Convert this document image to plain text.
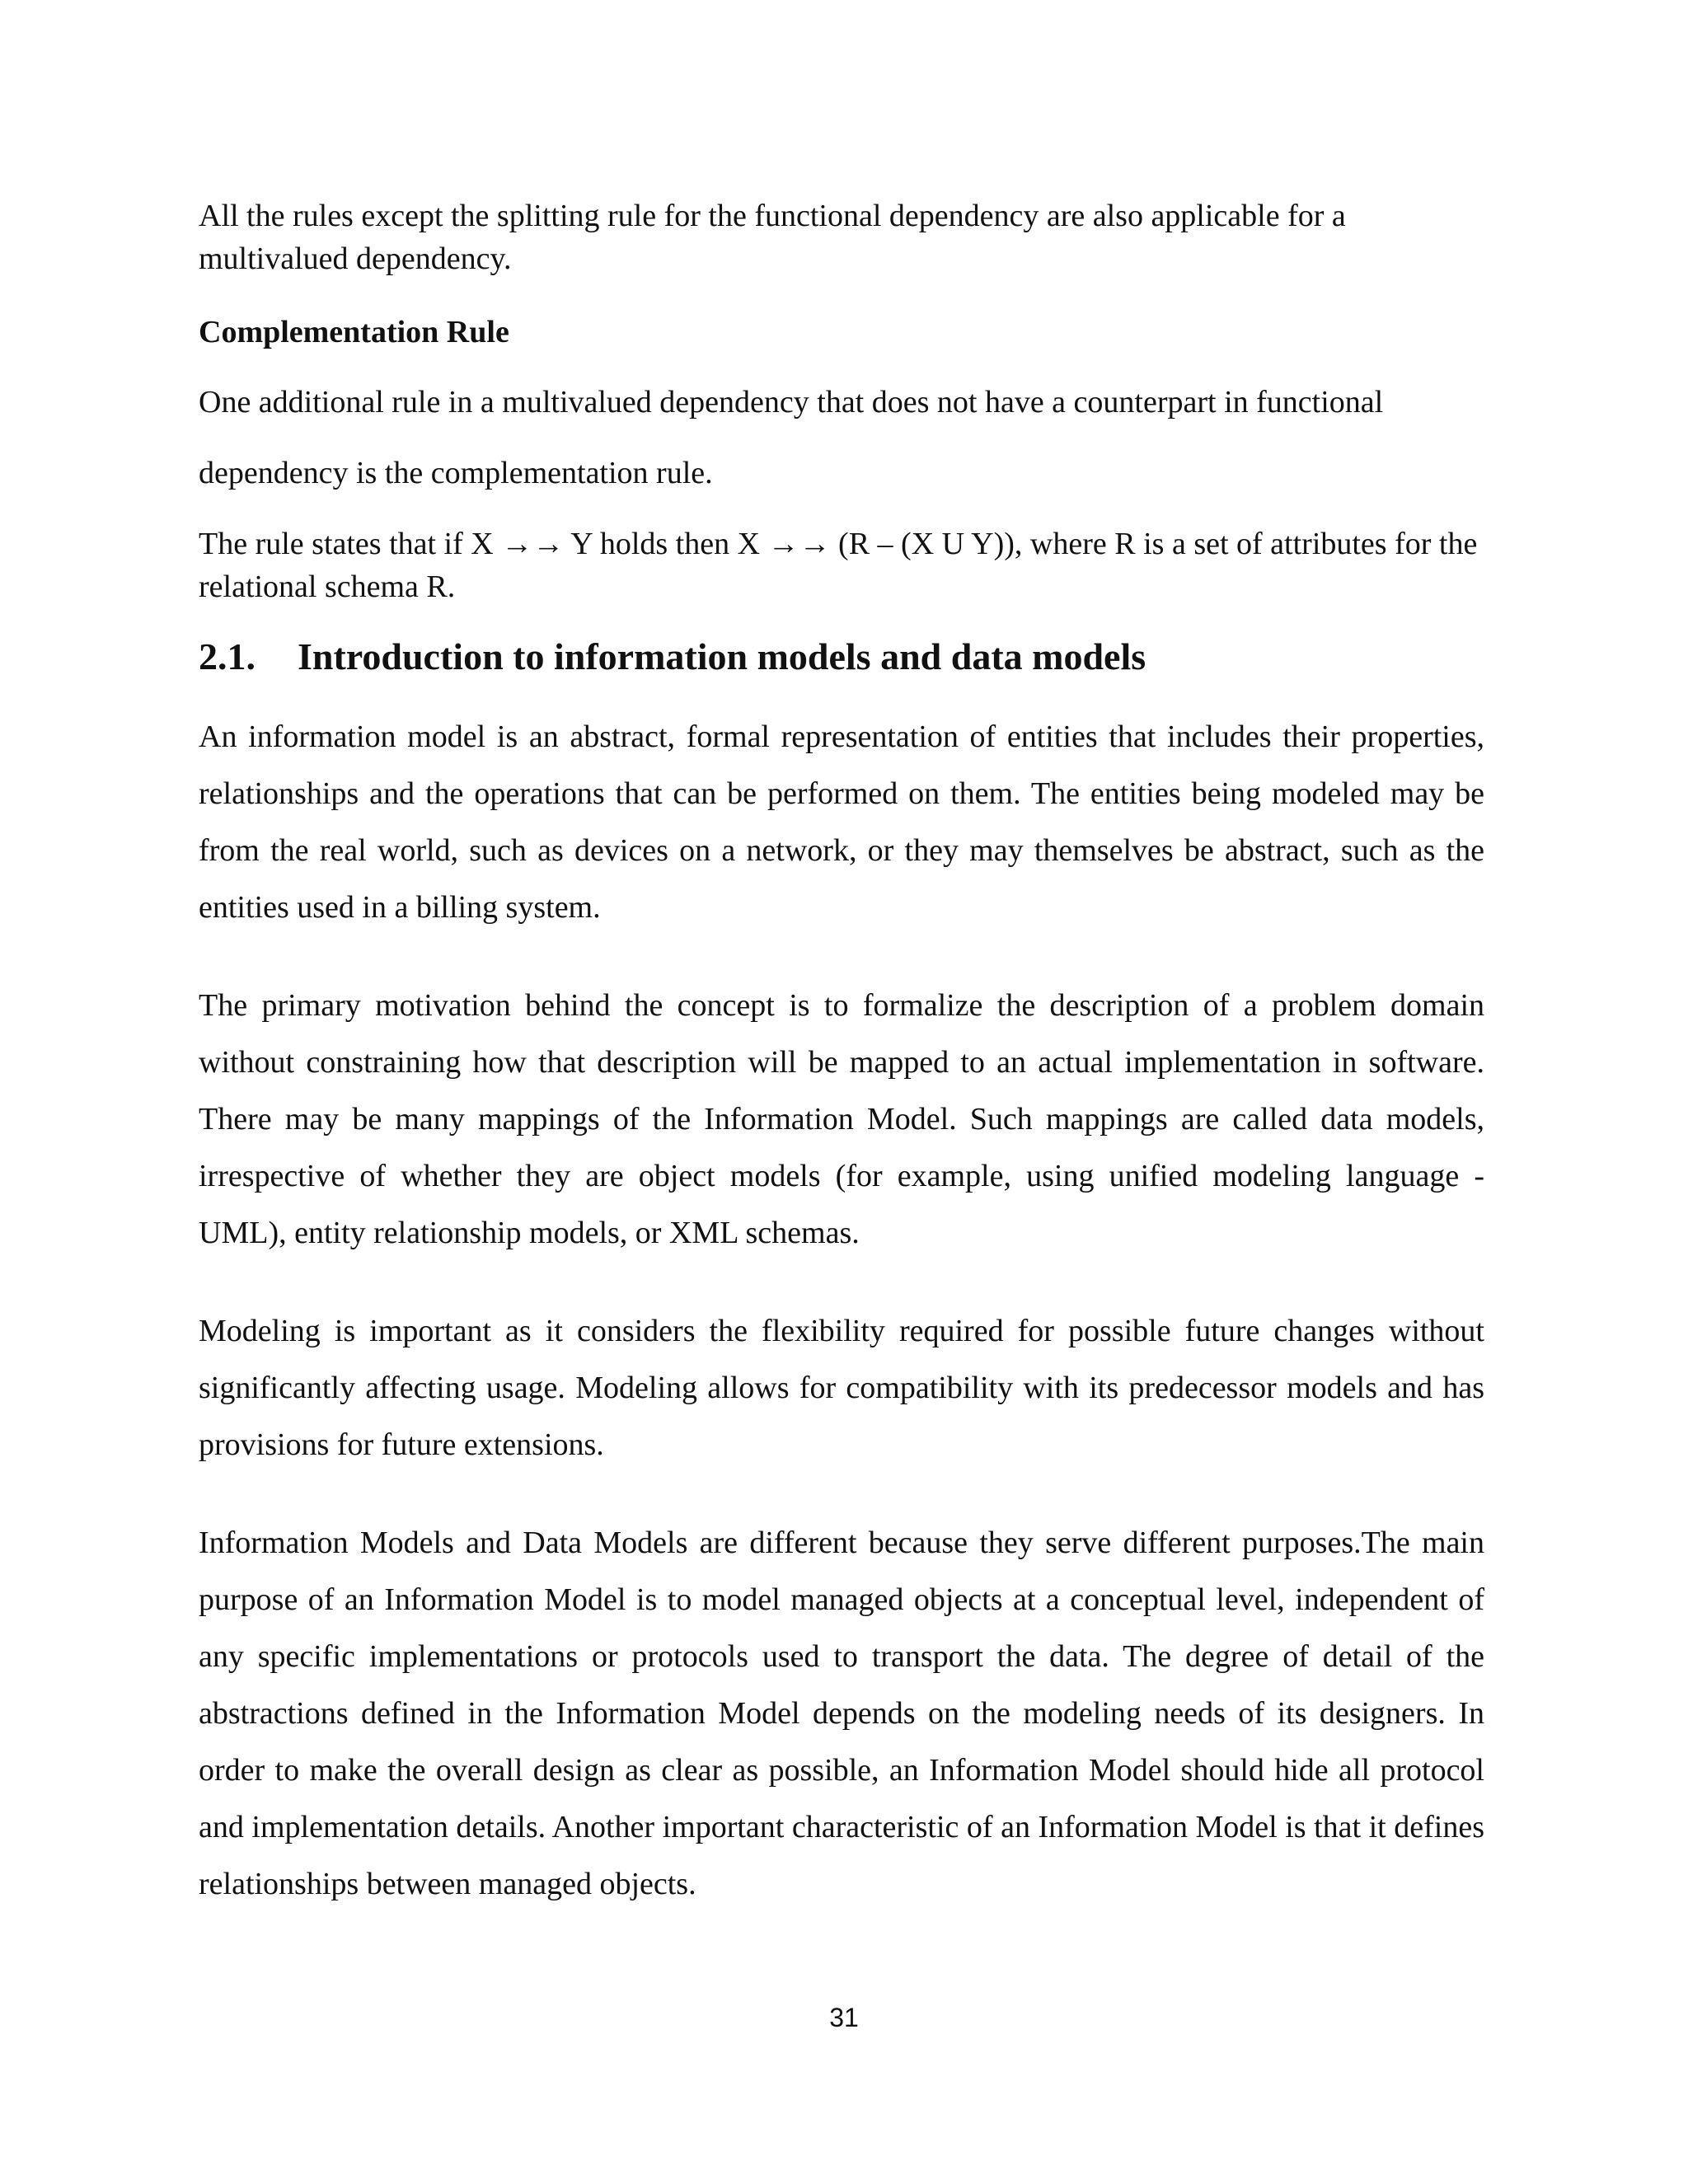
All the rules except the splitting rule for the functional dependency are also applicable for a multivalued dependency.

Complementation Rule

One additional rule in a multivalued dependency that does not have a counterpart in functional

dependency is the complementation rule.

The rule states that if X →→ Y holds then X →→ (R – (X U Y)), where R is a set of attributes for the relational schema R.

2.1.	Introduction to information models and data models

An information model is an abstract, formal representation of entities that includes their properties, relationships and the operations that can be performed on them. The entities being modeled may be from the real world, such as devices on a network, or they may themselves be abstract, such as the entities used in a billing system.

The primary motivation behind the concept is to formalize the description of a problem domain without constraining how that description will be mapped to an actual implementation in software. There may be many mappings of the Information Model. Such mappings are called data models, irrespective of whether they are object models (for example, using unified modeling language - UML), entity relationship models, or XML schemas.

Modeling is important as it considers the flexibility required for possible future changes without significantly affecting usage. Modeling allows for compatibility with its predecessor models and has provisions for future extensions.

Information Models and Data Models are different because they serve different purposes.The main purpose of an Information Model is to model managed objects at a conceptual level, independent of any specific implementations or protocols used to transport the data. The degree of detail of the abstractions defined in the Information Model depends on the modeling needs of its designers. In order to make the overall design as clear as possible, an Information Model should hide all protocol and implementation details. Another important characteristic of an Information Model is that it defines relationships between managed objects.

31
